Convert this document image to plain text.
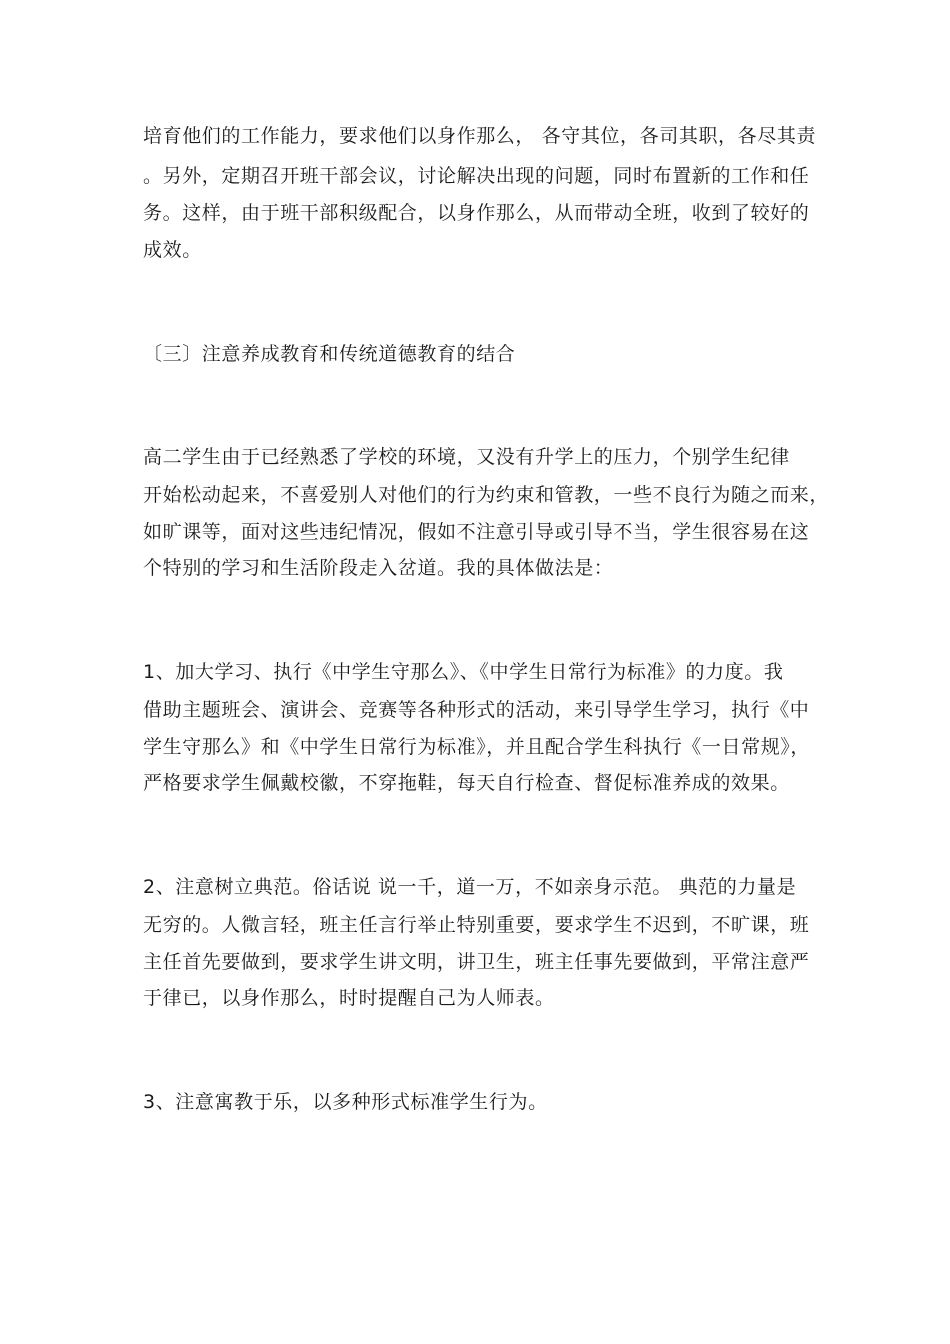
培育他们的工作能力，要求他们以身作那么， 各守其位，各司其职，各尽其责
。另外，定期召开班干部会议，讨论解决出现的问题，同时布置新的工作和任
务。这样，由于班干部积级配合，以身作那么，从而带动全班，收到了较好的
成效。
〔三〕注意养成教育和传统道德教育的结合
高二学生由于已经熟悉了学校的环境，又没有升学上的压力，个别学生纪律
开始松动起来，不喜爱别人对他们的行为约束和管教，一些不良行为随之而来，
如旷课等，面对这些违纪情况，假如不注意引导或引导不当，学生很容易在这
个特别的学习和生活阶段走入岔道。我的具体做法是：
1、加大学习、执行《中学生守那么》、《中学生日常行为标准》的力度。我
借助主题班会、演讲会、竞赛等各种形式的活动，来引导学生学习，执行《中
学生守那么》和《中学生日常行为标准》，并且配合学生科执行《一日常规》，
严格要求学生佩戴校徽，不穿拖鞋，每天自行检查、督促标准养成的效果。
2、注意树立典范。俗话说 说一千，道一万，不如亲身示范。 典范的力量是
无穷的。人微言轻，班主任言行举止特别重要，要求学生不迟到，不旷课，班
主任首先要做到，要求学生讲文明，讲卫生，班主任事先要做到，平常注意严
于律已，以身作那么，时时提醒自己为人师表。
3、注意寓教于乐，以多种形式标准学生行为。
